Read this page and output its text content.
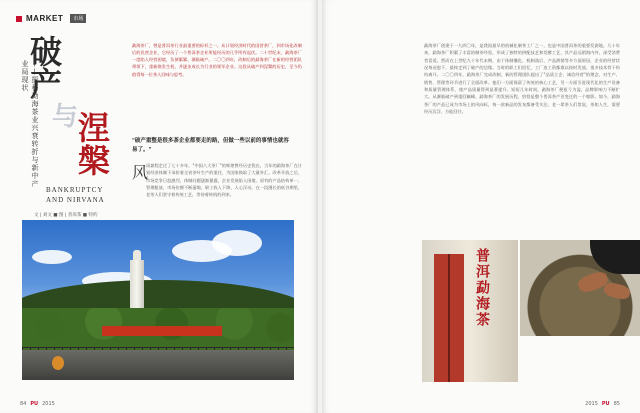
MARKET	市场
破
产
与 涅
槃
——探秘勐海茶业兴衰转折与新中产业局现状
BANKRUPTCY
AND NIRVANA
文 | 刘文 ■ 图 | 普洱茶 ■ 特约
勐海茶厂，曾是普洱茶行业最重要的标杆之一。从计划经济时代的国营茶厂，到市场化改制后的民营企业，它经历了一个普洱茶企业所能经历的几乎所有起伏。二十世纪末，勐海茶厂一度陷入经营困境，负债累累、濒临破产。二〇〇四年，改制后的勐海茶厂在新的经营团队带领下，重新焕发生机，并逐步成长为行业的领军企业。这段从破产到涅槃的历史，至今仍值得每一位茶人回味与思考。
"破产重整是很多茶企业都要走的路，但做一些以前的事情也就容易了。"
风
雨兼程走过了七十多年，"中国八大茶厂"的辉煌曾经历史犹在。当年的勐海茶厂在计划经济体制下承担着全省茶叶生产的重任，为国家换取了大量外汇。改革开放之后，市场竞争日趋激烈，体制问题逐渐暴露，企业发展陷入困境。原有的产品结构单一、管理粗放，市场份额不断萎缩，职工收入下降，人心浮动。在一段漫长的低谷期里，老茶人们坚守着传统工艺，等待着转机的到来。
84 PU 2015
勐海茶厂创建于一九四〇年，是我国最早的机械化制茶工厂之一，也是中国普洱茶的重要发源地。几十年来，勐海茶厂积累了丰富的制茶经验，形成了独特的拼配技艺和发酵工艺，其产品远销海内外，深受消费者喜爱。然而在上世纪九十年代末期，由于体制僵化、机制落后、产品滞销等多方面原因，企业的经营状况每况愈下，最终走到了破产的边缘。当时的职工们回忆，工厂连工资都难以按时发放，很多技术骨干纷纷离开。二〇〇四年，勐海茶厂完成改制，新的管理团队提出了"品质立企、诚信经营"的理念，对生产、销售、管理等环节进行了全面改革。他们一方面保留了传统的核心工艺，另一方面引进现代化的生产设备和质量管理体系，使产品质量得到显著提升。短短几年时间，勐海茶厂便扭亏为盈，品牌影响力不断扩大。从濒临破产到重回巅峰，勐海茶厂的发展历程，恰恰是整个普洱茶产业变迁的一个缩影。如今，勐海茶厂的产品已成为市场上的风向标，每一款新品的发布都备受关注。老一辈茶人们常说，茶如人生，需要经历沉浮，方能回甘。
普洱勐海茶
2015 PU 85
